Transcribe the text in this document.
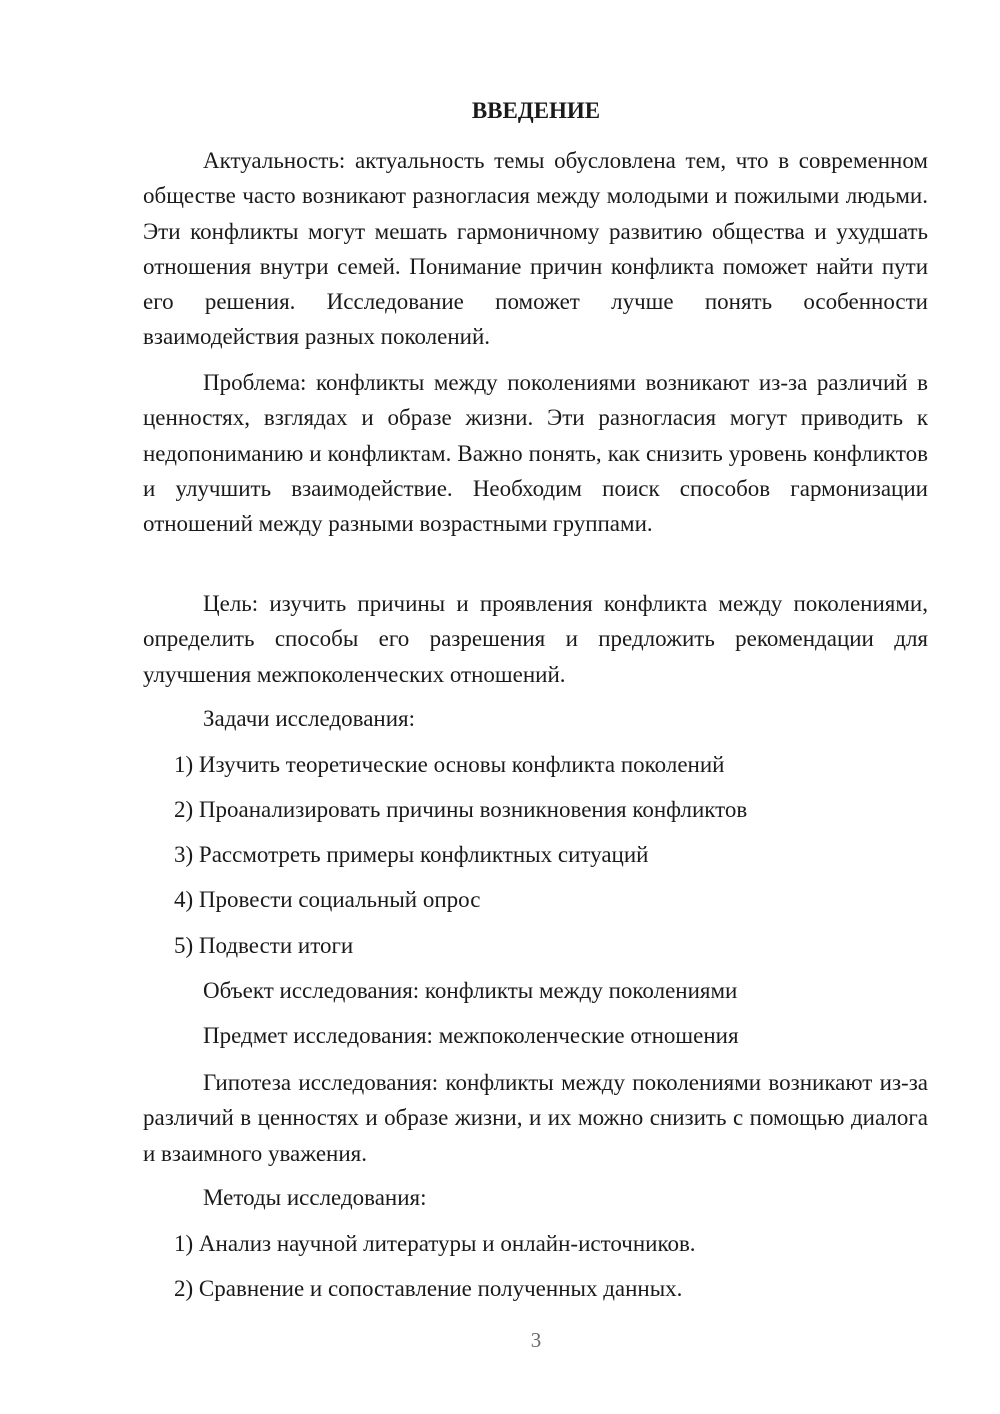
ВВЕДЕНИЕ

Актуальность: актуальность темы обусловлена тем, что в современном обществе часто возникают разногласия между молодыми и пожилыми людьми. Эти конфликты могут мешать гармоничному развитию общества и ухудшать отношения внутри семей. Понимание причин конфликта поможет найти пути его решения. Исследование поможет лучше понять особенности взаимодействия разных поколений.

Проблема: конфликты между поколениями возникают из-за различий в ценностях, взглядах и образе жизни. Эти разногласия могут приводить к недопониманию и конфликтам. Важно понять, как снизить уровень конфликтов и улучшить взаимодействие. Необходим поиск способов гармонизации отношений между разными возрастными группами.

Цель: изучить причины и проявления конфликта между поколениями, определить способы его разрешения и предложить рекомендации для улучшения межпоколенческих отношений.

Задачи исследования:
1) Изучить теоретические основы конфликта поколений
2) Проанализировать причины возникновения конфликтов
3) Рассмотреть примеры конфликтных ситуаций
4) Провести социальный опрос
5) Подвести итоги
Объект исследования: конфликты между поколениями
Предмет исследования: межпоколенческие отношения

Гипотеза исследования: конфликты между поколениями возникают из-за различий в ценностях и образе жизни, и их можно снизить с помощью диалога и взаимного уважения.

Методы исследования:
1) Анализ научной литературы и онлайн-источников.
2) Сравнение и сопоставление полученных данных.
3
